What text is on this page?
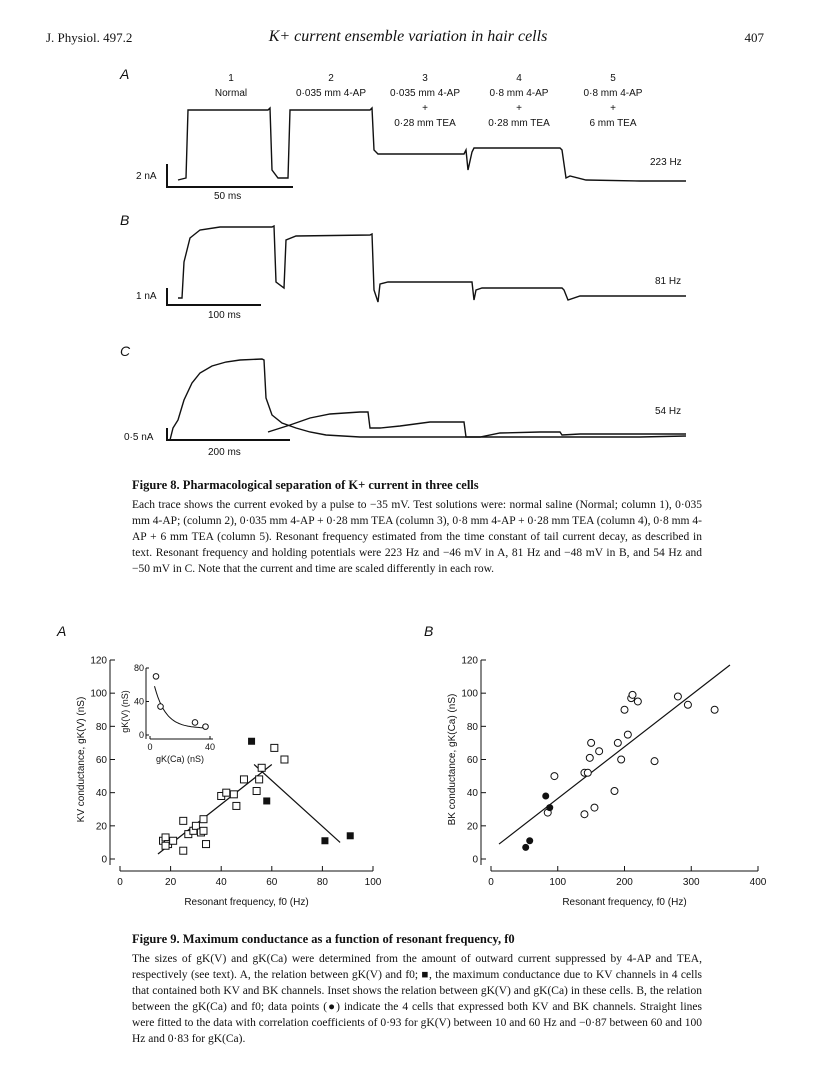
J. Physiol. 497.2	K+ current ensemble variation in hair cells	407
1
Normal
2
0·035 mm 4-AP
3
0·035 mm 4-AP
+
0·28 mm TEA
4
0·8 mm 4-AP
+
0·28 mm TEA
5
0·8 mm 4-AP
+
6 mm TEA
A
B
C
2 nA
50 ms
1 nA
100 ms
0·5 nA
200 ms
223 Hz
81 Hz
54 Hz
Figure 8. Pharmacological separation of K+ current in three cells
Each trace shows the current evoked by a pulse to −35 mV. Test solutions were: normal saline (Normal; column 1), 0·035 mm 4-AP; (column 2), 0·035 mm 4-AP + 0·28 mm TEA (column 3), 0·8 mm 4-AP + 0·28 mm TEA (column 4), 0·8 mm 4-AP + 6 mm TEA (column 5). Resonant frequency estimated from the time constant of tail current decay, as described in text. Resonant frequency and holding potentials were 223 Hz and −46 mV in A, 81 Hz and −48 mV in B, and 54 Hz and −50 mV in C. Note that the current and time are scaled differently in each row.
A	B
0
20
40
60
80
100
120
0	20	40	60	80	100
Resonant frequency, f0 (Hz)
KV conductance, gK(V) (nS)
0
20
40
60
80
100
120
0	100	200	300	400
Resonant frequency, f0 (Hz)
BK conductance, gK(Ca) (nS)
0
40
80
0	40
gK(Ca) (nS)
gK(V) (nS)
Figure 9. Maximum conductance as a function of resonant frequency, f0
The sizes of gK(V) and gK(Ca) were determined from the amount of outward current suppressed by 4-AP and TEA, respectively (see text). A, the relation between gK(V) and f0; ■, the maximum conductance due to KV channels in 4 cells that contained both KV and BK channels. Inset shows the relation between gK(V) and gK(Ca) in these cells. B, the relation between the gK(Ca) and f0; data points (●) indicate the 4 cells that expressed both KV and BK channels. Straight lines were fitted to the data with correlation coefficients of 0·93 for gK(V) between 10 and 60 Hz and −0·87 between 60 and 100 Hz and 0·83 for gK(Ca).
